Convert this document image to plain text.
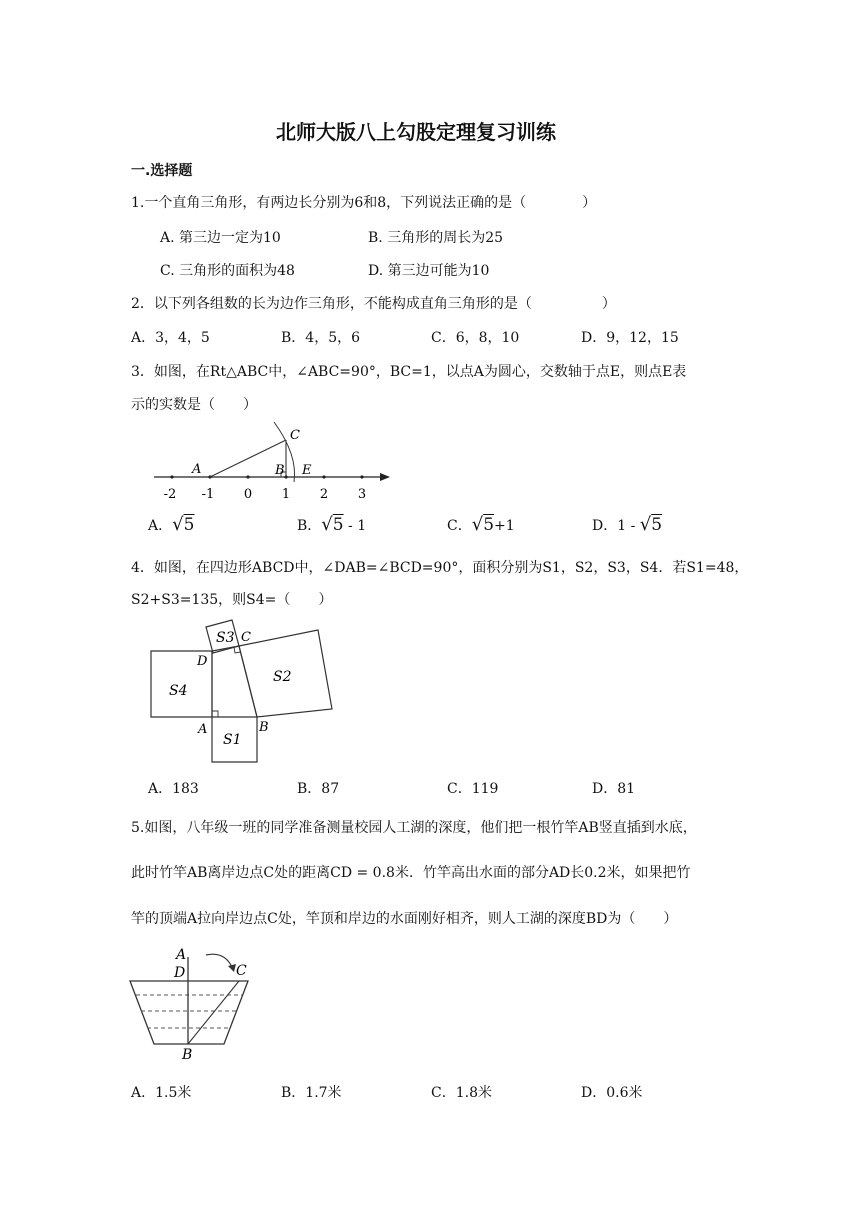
北师大版八上勾股定理复习训练
一.选择题
1.一个直角三角形，有两边长分别为6和8，下列说法正确的是（　　　　）
A. 第三边一定为10	B. 三角形的周长为25
C. 三角形的面积为48	D. 第三边可能为10
2．以下列各组数的长为边作三角形，不能构成直角三角形的是（　　　　　）
A．3，4，5	B．4，5，6	C．6，8，10	D．9，12，15
3．如图，在Rt△ABC中，∠ABC=90°，BC=1，以点A为圆心，交数轴于点E，则点E表
示的实数是（　　）
A	B
C
E
-2 -1 0 1 2 3
A．√5	B．√5 - 1	C．√5+1	D．1 - √5
4．如图，在四边形ABCD中，∠DAB=∠BCD=90°，面积分别为S1，S2，S3，S4．若S1=48，
S2+S3=135，则S4=（　　）
S3 C
D
S2
S4
A	B
S1
A．183	B．87	C．119	D．81
5.如图，八年级一班的同学准备测量校园人工湖的深度，他们把一根竹竿AB竖直插到水底，
此时竹竿AB离岸边点C处的距离CD = 0.8米．竹竿高出水面的部分AD长0.2米，如果把竹
竿的顶端A拉向岸边点C处，竿顶和岸边的水面刚好相齐，则人工湖的深度BD为（　　）
A
D	C
B
A．1.5米	B．1.7米	C．1.8米	D．0.6米
